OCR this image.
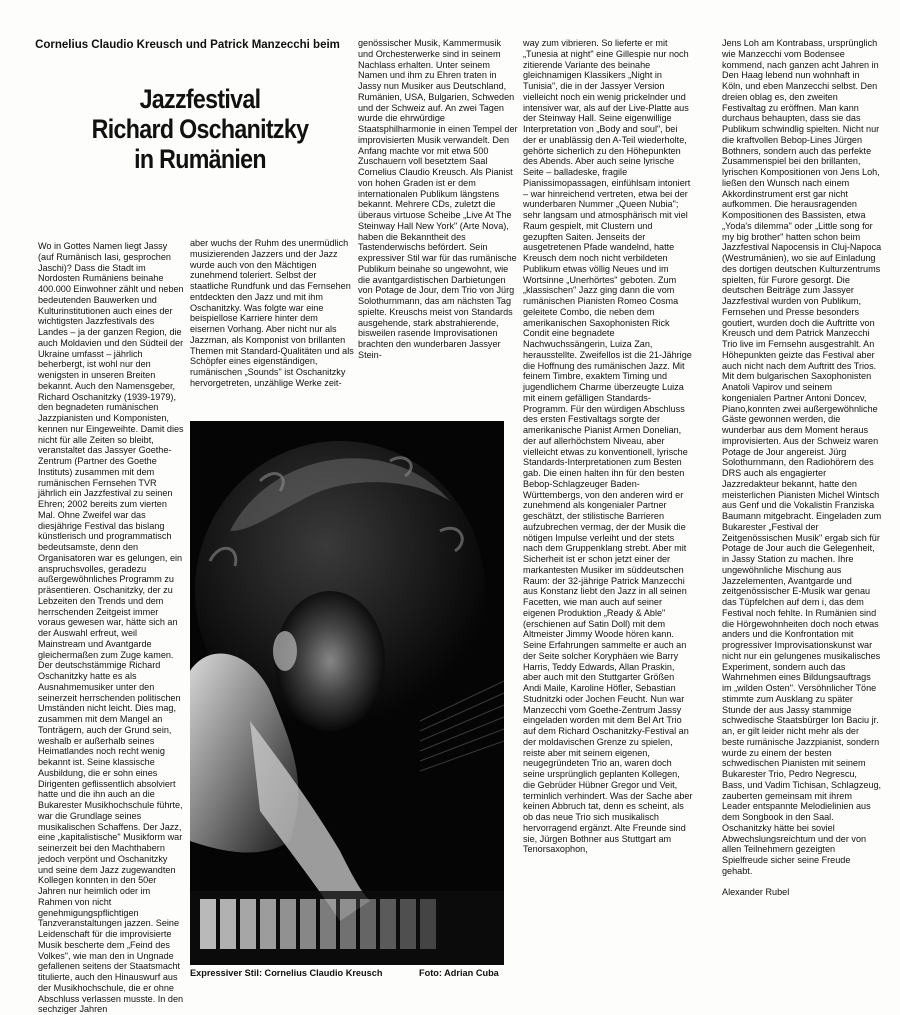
Cornelius Claudio Kreusch und Patrick Manzecchi beim
Jazzfestival
Richard Oschanitzky
in Rumänien

Wo in Gottes Namen liegt Jassy (auf Rumänisch Iasi, gesprochen Jaschi)? Dass die Stadt im Nordosten Rumäniens beinahe 400.000 Einwohner zählt und neben bedeutenden Bauwerken und Kulturinstitutionen auch eines der wichtigsten Jazzfestivals des Landes – ja der ganzen Region, die auch Moldavien und den Südteil der Ukraine umfasst – jährlich beherbergt, ist wohl nur den wenigsten in unseren Breiten bekannt. Auch den Namensgeber, Richard Oschanitzky (1939-1979), den begnadeten rumänischen Jazzpianisten und Komponisten, kennen nur Eingeweihte. Damit dies nicht für alle Zeiten so bleibt, veranstaltet das Jassyer Goethe-Zentrum (Partner des Goethe Instituts) zusammen mit dem rumänischen Fernsehen TVR jährlich ein Jazzfestival zu seinen Ehren; 2002 bereits zum vierten Mal. Ohne Zweifel war das diesjährige Festival das bislang künstlerisch und programmatisch bedeutsamste, denn den Organisatoren war es gelungen, ein anspruchsvolles, geradezu außergewöhnliches Programm zu präsentieren. Oschanitzky, der zu Lebzeiten den Trends und dem herrschenden Zeitgeist immer voraus gewesen war, hätte sich an der Auswahl erfreut, weil Mainstream und Avantgarde gleichermaßen zum Zuge kamen. Der deutschstämmige Richard Oschanitzky hatte es als Ausnahmemusiker unter den seinerzeit herrschenden politischen Umständen nicht leicht. Dies mag, zusammen mit dem Mangel an Tonträgern, auch der Grund sein, weshalb er außerhalb seines Heimatlandes noch recht wenig bekannt ist. Seine klassische Ausbildung, die er sohn eines Dirigenten geflissentlich absolviert hatte und die ihn auch an die Bukarester Musikhochschule führte, war die Grundlage seines musikalischen Schaffens. Der Jazz, eine „kapitalistische" Musikform war seinerzeit bei den Machthabern jedoch verpönt und Oschanitzky und seine dem Jazz zugewandten Kollegen konnten in den 50er Jahren nur heimlich oder im Rahmen von nicht genehmigungspflichtigen Tanzveranstaltungen jazzen. Seine Leidenschaft für die improvisierte Musik bescherte dem „Feind des Volkes", wie man den in Ungnade gefallenen seitens der Staatsmacht titulierte, auch den Hinauswurf aus der Musikhochschule, die er ohne Abschluss verlassen musste. In den sechziger Jahren

aber wuchs der Ruhm des unermüdlich musizierenden Jazzers und der Jazz wurde auch von den Mächtigen zunehmend toleriert. Selbst der staatliche Rundfunk und das Fernsehen entdeckten den Jazz und mit ihm Oschanitzky. Was folgte war eine beispiellose Karriere hinter dem eisernen Vorhang. Aber nicht nur als Jazzman, als Komponist von brillanten Themen mit Standard-Qualitäten und als Schöpfer eines eigenständigen, rumänischen „Sounds" ist Oschanitzky hervorgetreten, unzählige Werke zeit-

genössischer Musik, Kammermusik und Orchesterwerke sind in seinem Nachlass erhalten. Unter seinem Namen und ihm zu Ehren traten in Jassy nun Musiker aus Deutschland, Rumänien, USA, Bulgarien, Schweden und der Schweiz auf. An zwei Tagen wurde die ehrwürdige Staatsphilharmonie in einen Tempel der improvisierten Musik verwandelt. Den Anfang machte vor mit etwa 500 Zuschauern voll besetztem Saal Cornelius Claudio Kreusch. Als Pianist von hohen Graden ist er dem internationalen Publikum längstens bekannt. Mehrere CDs, zuletzt die überaus virtuose Scheibe „Live At The Steinway Hall New York" (Arte Nova), haben die Bekanntheit des Tastenderwischs befördert. Sein expressiver Stil war für das rumänische Publikum beinahe so ungewohnt, wie die avantgardistischen Darbietungen von Potage de Jour, dem Trio von Jürg Solothurnmann, das am nächsten Tag spielte. Kreuschs meist von Standards ausgehende, stark abstrahierende, bisweilen rasende Improvisationen brachten den wunderbaren Jassyer Stein-

way zum vibrieren. So lieferte er mit „Tunesia at night" eine Gillespie nur noch zitierende Variante des beinahe gleichnamigen Klassikers „Night in Tunisia", die in der Jassyer Version vielleicht noch ein wenig prickelnder und intensiver war, als auf der Live-Platte aus der Steinway Hall. Seine eigenwillige Interpretation von „Body and soul", bei der er unablässig den A-Teil wiederholte, gehörte sicherlich zu den Höhepunkten des Abends. Aber auch seine lyrische Seite – balladeske, fragile Pianissimopassagen, einfühlsam intoniert – war hinreichend vertreten, etwa bei der wunderbaren Nummer „Queen Nubia"; sehr langsam und atmosphärisch mit viel Raum gespielt, mit Clustern und gezupften Saiten. Jenseits der ausgetretenen Pfade wandelnd, hatte Kreusch dem noch nicht verbildeten Publikum etwas völlig Neues und im Wortsinne „Unerhörtes" geboten. Zum „klassischen" Jazz ging dann die vom rumänischen Pianisten Romeo Cosma geleitete Combo, die neben dem amerikanischen Saxophonisten Rick Condit eine begnadete Nachwuchssängerin, Luiza Zan, herausstellte. Zweifellos ist die 21-Jährige die Hoffnung des rumänischen Jazz. Mit feinem Timbre, exaktem Timing und jugendlichem Charme überzeugte Luiza mit einem gefälligen Standards-Programm. Für den würdigen Abschluss des ersten Festivaltags sorgte der amerikanische Pianist Armen Donelian, der auf allerhöchstem Niveau, aber vielleicht etwas zu konventionell, lyrische Standards-Interpretationen zum Besten gab. Die einen halten ihn für den besten Bebop-Schlagzeuger Baden-Württembergs, von den anderen wird er zunehmend als kongenialer Partner geschätzt, der stilistische Barrieren aufzubrechen vermag, der der Musik die nötigen Impulse verleiht und der stets nach dem Gruppenklang strebt. Aber mit Sicherheit ist er schon jetzt einer der markantesten Musiker im süddeutschen Raum: der 32-jährige Patrick Manzecchi aus Konstanz liebt den Jazz in all seinen Facetten, wie man auch auf seiner eigenen Produktion „Ready & Able" (erschienen auf Satin Doll) mit dem Altmeister Jimmy Woode hören kann. Seine Erfahrungen sammelte er auch an der Seite solcher Koryphäen wie Barry Harris, Teddy Edwards, Allan Praskin, aber auch mit den Stuttgarter Größen Andi Maile, Karoline Höfler, Sebastian Studnitzki oder Jochen Feucht. Nun war Manzecchi vom Goethe-Zentrum Jassy eingeladen worden mit dem Bel Art Trio auf dem Richard Oschanitzky-Festival an der moldavischen Grenze zu spielen, reiste aber mit seinem eigenen, neugegründeten Trio an, waren doch seine ursprünglich geplanten Kollegen, die Gebrüder Hübner Gregor und Veit, terminlich verhindert. Was der Sache aber keinen Abbruch tat, denn es scheint, als ob das neue Trio sich musikalisch hervorragend ergänzt. Alte Freunde sind sie, Jürgen Bothner aus Stuttgart am Tenorsaxophon,

Jens Loh am Kontrabass, ursprünglich wie Manzecchi vom Bodensee kommend, nach ganzen acht Jahren in Den Haag lebend nun wohnhaft in Köln, und eben Manzecchi selbst. Den dreien oblag es, den zweiten Festivaltag zu eröffnen. Man kann durchaus behaupten, dass sie das Publikum schwindlig spielten. Nicht nur die kraftvollen Bebop-Lines Jürgen Bothners, sondern auch das perfekte Zusammenspiel bei den brillanten, lyrischen Kompositionen von Jens Loh, ließen den Wunsch nach einem Akkordinstrument erst gar nicht aufkommen. Die herausragenden Kompositionen des Bassisten, etwa „Yoda's dilemma" oder „Little song for my big brother" hatten schon beim Jazzfestival Napocensis in Cluj-Napoca (Westrumänien), wo sie auf Einladung des dortigen deutschen Kulturzentrums spielten, für Furore gesorgt. Die deutschen Beiträge zum Jassyer Jazzfestival wurden von Publikum, Fernsehen und Presse besonders goutiert, wurden doch die Auftritte von Kreusch und dem Patrick Manzecchi Trio live im Fernsehn ausgestrahlt. An Höhepunkten geizte das Festival aber auch nicht nach dem Auftritt des Trios. Mit dem bulgarischen Saxophonisten Anatoli Vapirov und seinem kongenialen Partner Antoni Doncev, Piano,konnten zwei außergewöhnliche Gäste gewonnen werden, die wunderbar aus dem Moment heraus improvisierten. Aus der Schweiz waren Potage de Jour angereist. Jürg Solothurnmann, den Radiohörern des DRS auch als engagierter Jazzredakteur bekannt, hatte den meisterlichen Pianisten Michel Wintsch aus Genf und die Vokalistin Franziska Baumann mitgebracht. Eingeladen zum Bukarester „Festival der Zeitgenössischen Musik" ergab sich für Potage de Jour auch die Gelegenheit, in Jassy Station zu machen. Ihre ungewöhnliche Mischung aus Jazzelementen, Avantgarde und zeitgenössischer E-Musik war genau das Tüpfelchen auf dem i, das dem Festival noch fehlte. In Rumänien sind die Hörgewohnheiten doch noch etwas anders und die Konfrontation mit progressiver Improvisationskunst war nicht nur ein gelungenes musikalisches Experiment, sondern auch das Wahrnehmen eines Bildungsauftrags im „wilden Osten". Versöhnlicher Töne stimmte zum Ausklang zu später Stunde der aus Jassy stammige schwedische Staatsbürger Ion Baciu jr. an, er gilt leider nicht mehr als der beste rumänische Jazzpianist, sondern wurde zu einem der besten schwedischen Pianisten mit seinem Bukarester Trio, Pedro Negrescu, Bass, und Vadim Tichisan, Schlagzeug, zauberten gemeinsam mit ihrem Leader entspannte Melodielinien aus dem Songbook in den Saal. Oschanitzky hätte bei soviel Abwechslungsreichtum und der von allen Teilnehmern gezeigten Spielfreude sicher seine Freude gehabt.

Alexander Rubel

Expressiver Stil: Cornelius Claudio Kreusch	Foto: Adrian Cuba
